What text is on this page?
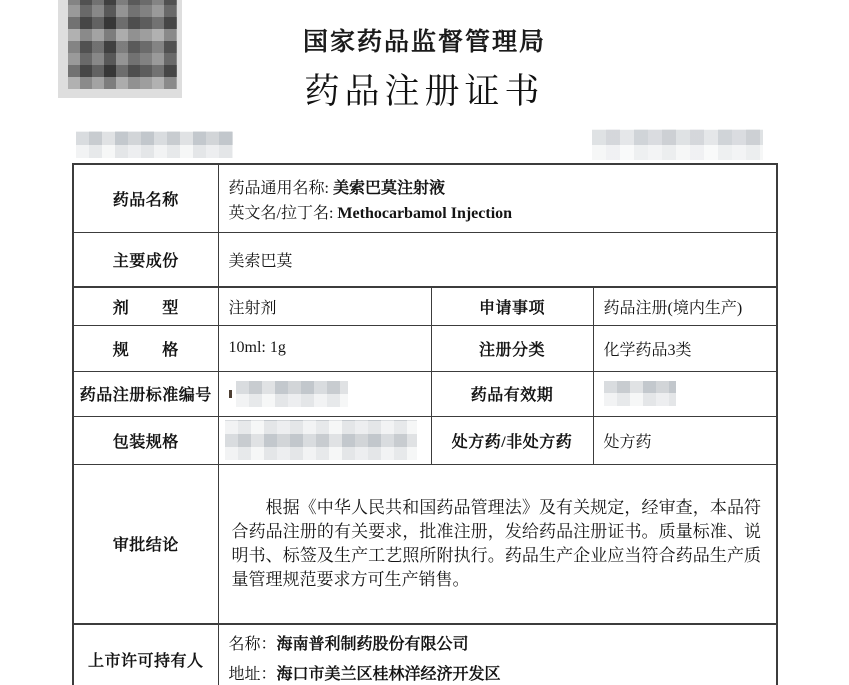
国家药品监督管理局
药品注册证书
药品名称	药品通用名称: 美索巴莫注射液
英文名/拉丁名: Methocarbamol Injection		

主要成份	美索巴莫		
剂　　型	注射剂	申请事项	药品注册(境内生产)
规　　格	10ml: 1g	注册分类	化学药品3类
药品注册标准编号		药品有效期	
包装规格		处方药/非处方药	处方药
审批结论	根据《中华人民共和国药品管理法》及有关规定，经审查，本品符合药品注册的有关要求，批准注册，发给药品注册证书。质量标准、说明书、标签及生产工艺照所附执行。药品生产企业应当符合药品生产质量管理规范要求方可生产销售。		

上市许可持有人	名称：海南普利制药股份有限公司
地址：海口市美兰区桂林洋经济开发区		
